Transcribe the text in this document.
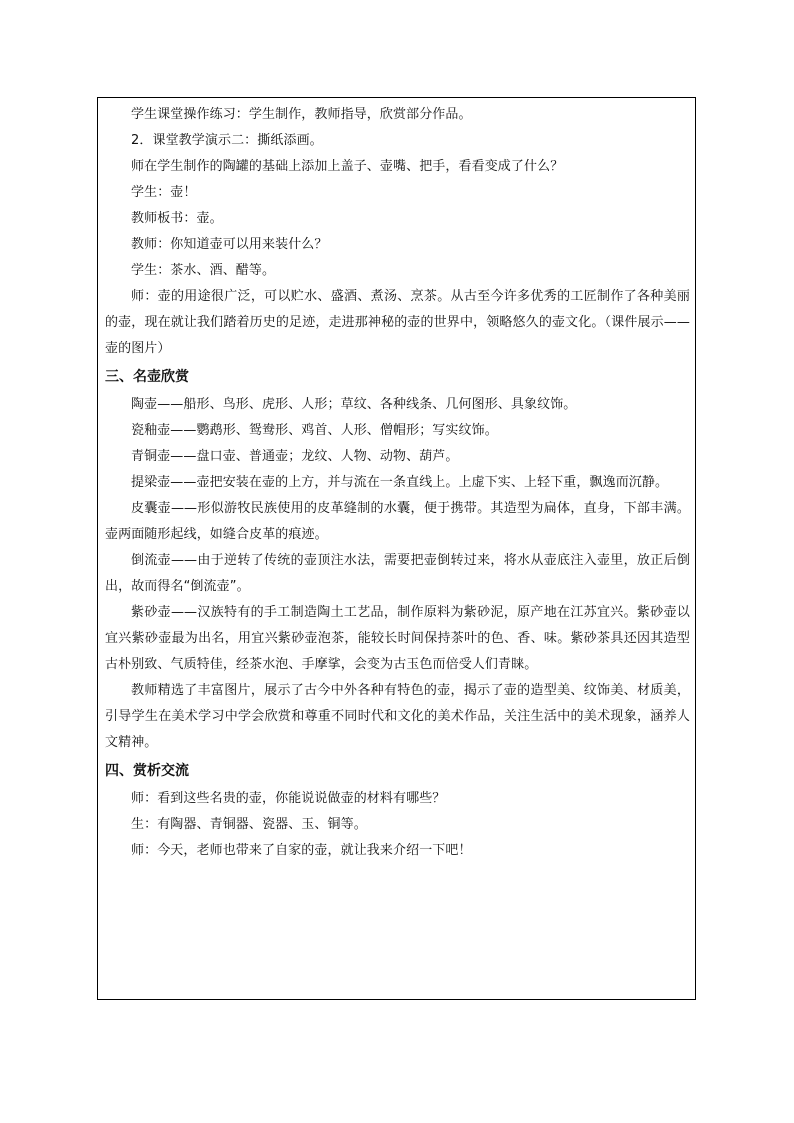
学生课堂操作练习：学生制作，教师指导，欣赏部分作品。

2．课堂教学演示二：撕纸添画。

师在学生制作的陶罐的基础上添加上盖子、壶嘴、把手，看看变成了什么？

学生：壶！

教师板书：壶。

教师：你知道壶可以用来装什么？

学生：茶水、酒、醋等。

师：壶的用途很广泛，可以贮水、盛酒、煮汤、烹茶。从古至今许多优秀的工匠制作了各种美丽的壶，现在就让我们踏着历史的足迹，走进那神秘的壶的世界中，领略悠久的壶文化。（课件展示——壶的图片）

三、名壶欣赏

陶壶——船形、鸟形、虎形、人形；草纹、各种线条、几何图形、具象纹饰。

瓷釉壶——鹦鹉形、鸳鸯形、鸡首、人形、僧帽形；写实纹饰。

青铜壶——盘口壶、普通壶；龙纹、人物、动物、葫芦。

提梁壶——壶把安装在壶的上方，并与流在一条直线上。上虚下实、上轻下重，飘逸而沉静。

皮囊壶——形似游牧民族使用的皮革缝制的水囊，便于携带。其造型为扁体，直身，下部丰满。壶两面随形起线，如缝合皮革的痕迹。

倒流壶——由于逆转了传统的壶顶注水法，需要把壶倒转过来，将水从壶底注入壶里，放正后倒出，故而得名“倒流壶”。

紫砂壶——汉族特有的手工制造陶土工艺品，制作原料为紫砂泥，原产地在江苏宜兴。紫砂壶以宜兴紫砂壶最为出名，用宜兴紫砂壶泡茶，能较长时间保持茶叶的色、香、味。紫砂茶具还因其造型古朴别致、气质特佳，经茶水泡、手摩挲，会变为古玉色而倍受人们青睐。

教师精选了丰富图片，展示了古今中外各种有特色的壶，揭示了壶的造型美、纹饰美、材质美，引导学生在美术学习中学会欣赏和尊重不同时代和文化的美术作品，关注生活中的美术现象，涵养人文精神。

四、赏析交流

师：看到这些名贵的壶，你能说说做壶的材料有哪些？

生：有陶器、青铜器、瓷器、玉、铜等。

师：今天，老师也带来了自家的壶，就让我来介绍一下吧！
